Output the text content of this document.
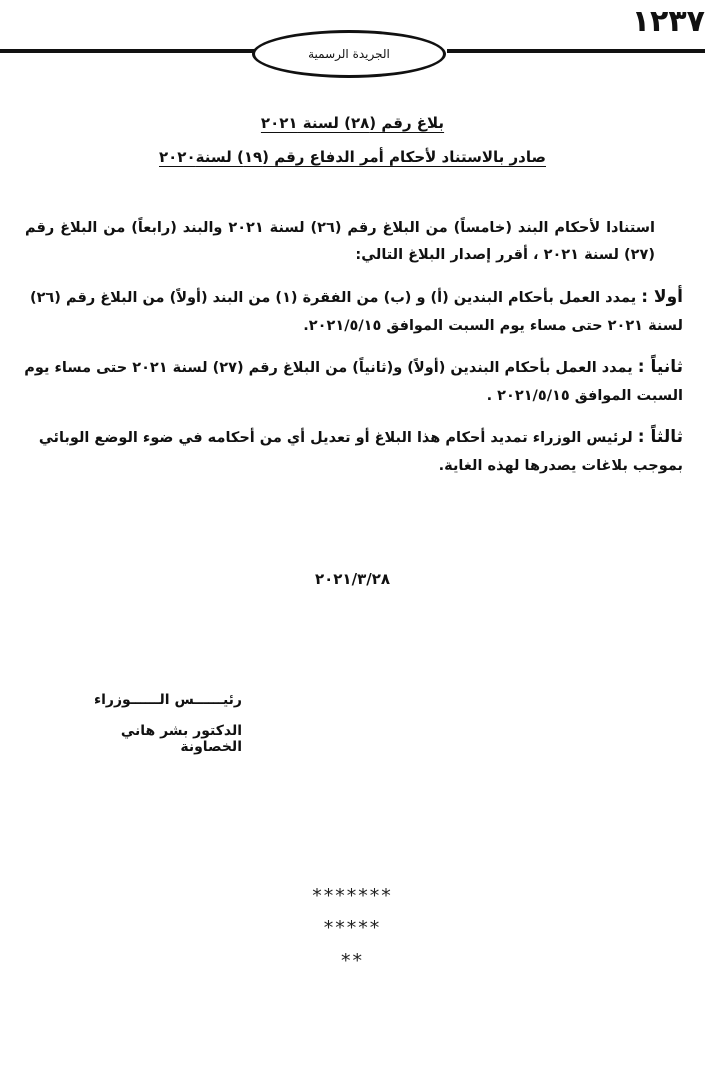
١٢٣٧
الجريدة الرسمية
بلاغ رقم (٢٨) لسنة ٢٠٢١
صادر بالاستناد لأحكام أمر الدفاع رقم (١٩) لسنة٢٠٢٠
استنادا لأحكام البند (خامساً) من البلاغ رقم (٢٦) لسنة ٢٠٢١ والبند (رابعاً) من البلاغ رقم (٢٧) لسنة ٢٠٢١ ، أقرر إصدار البلاغ التالي:
أولا : يمدد العمل بأحكام البندين (أ) و (ب) من الفقرة (١) من البند (أولاً) من البلاغ رقم (٢٦) لسنة ٢٠٢١ حتى مساء يوم السبت الموافق ٢٠٢١/٥/١٥.
ثانياً : يمدد العمل بأحكام البندين (أولاً) و(ثانياً) من البلاغ رقم (٢٧) لسنة ٢٠٢١ حتى مساء يوم السبت الموافق ٢٠٢١/٥/١٥ .
ثالثاً : لرئيس الوزراء تمديد أحكام هذا البلاغ أو تعديل أي من أحكامه في ضوء الوضع الوبائي بموجب بلاغات يصدرها لهذه الغاية.
٢٠٢١/٣/٢٨
رئيــــــس الــــــوزراء
الدكتور بشر هاني الخصاونة
*******
*****
**
